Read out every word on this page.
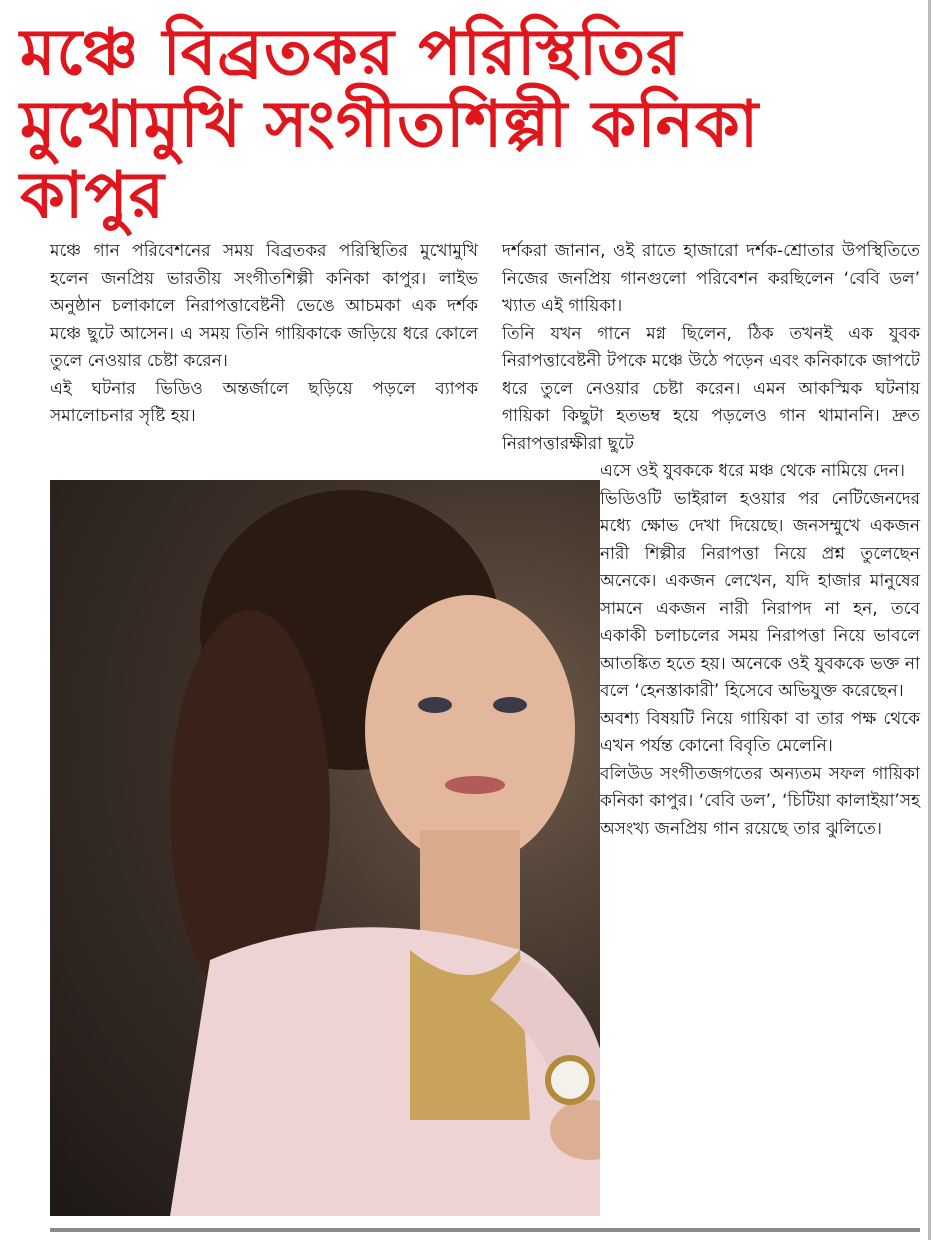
মঞ্চে বিব্রতকর পরিস্থিতির মুখোমুখি সংগীতশিল্পী কনিকা কাপুর

মঞ্চে গান পরিবেশনের সময় বিব্রতকর পরিস্থিতির মুখোমুখি হলেন জনপ্রিয় ভারতীয় সংগীতশিল্পী কনিকা কাপুর। লাইভ অনুষ্ঠান চলাকালে নিরাপত্তাবেষ্টনী ভেঙে আচমকা এক দর্শক মঞ্চে ছুটে আসেন। এ সময় তিনি গায়িকাকে জড়িয়ে ধরে কোলে তুলে নেওয়ার চেষ্টা করেন।

এই ঘটনার ভিডিও অন্তর্জালে ছড়িয়ে পড়লে ব্যাপক সমালোচনার সৃষ্টি হয়।

দর্শকরা জানান, ওই রাতে হাজারো দর্শক-শ্রোতার উপস্থিতিতে নিজের জনপ্রিয় গানগুলো পরিবেশন করছিলেন ‘বেবি ডল’ খ্যাত এই গায়িকা।

তিনি যখন গানে মগ্ন ছিলেন, ঠিক তখনই এক যুবক নিরাপত্তাবেষ্টনী টপকে মঞ্চে উঠে পড়েন এবং কনিকাকে জাপটে ধরে তুলে নেওয়ার চেষ্টা করেন। এমন আকস্মিক ঘটনায় গায়িকা কিছুটা হতভম্ব হয়ে পড়লেও গান থামাননি। দ্রুত নিরাপত্তারক্ষীরা ছুটে

এসে ওই যুবককে ধরে মঞ্চ থেকে নামিয়ে দেন।

ভিডিওটি ভাইরাল হওয়ার পর নেটিজেনদের মধ্যে ক্ষোভ দেখা দিয়েছে। জনসম্মুখে একজন নারী শিল্পীর নিরাপত্তা নিয়ে প্রশ্ন তুলেছেন অনেকে। একজন লেখেন, যদি হাজার মানুষের সামনে একজন নারী নিরাপদ না হন, তবে একাকী চলাচলের সময় নিরাপত্তা নিয়ে ভাবলে আতঙ্কিত হতে হয়। অনেকে ওই যুবককে ভক্ত না বলে ‘হেনস্তাকারী’ হিসেবে অভিযুক্ত করেছেন।

অবশ্য বিষয়টি নিয়ে গায়িকা বা তার পক্ষ থেকে এখন পর্যন্ত কোনো বিবৃতি মেলেনি।

বলিউড সংগীতজগতের অন্যতম সফল গায়িকা কনিকা কাপুর। ‘বেবি ডল’, ‘চিটিয়া কালাইয়া’সহ অসংখ্য জনপ্রিয় গান রয়েছে তার ঝুলিতে।
